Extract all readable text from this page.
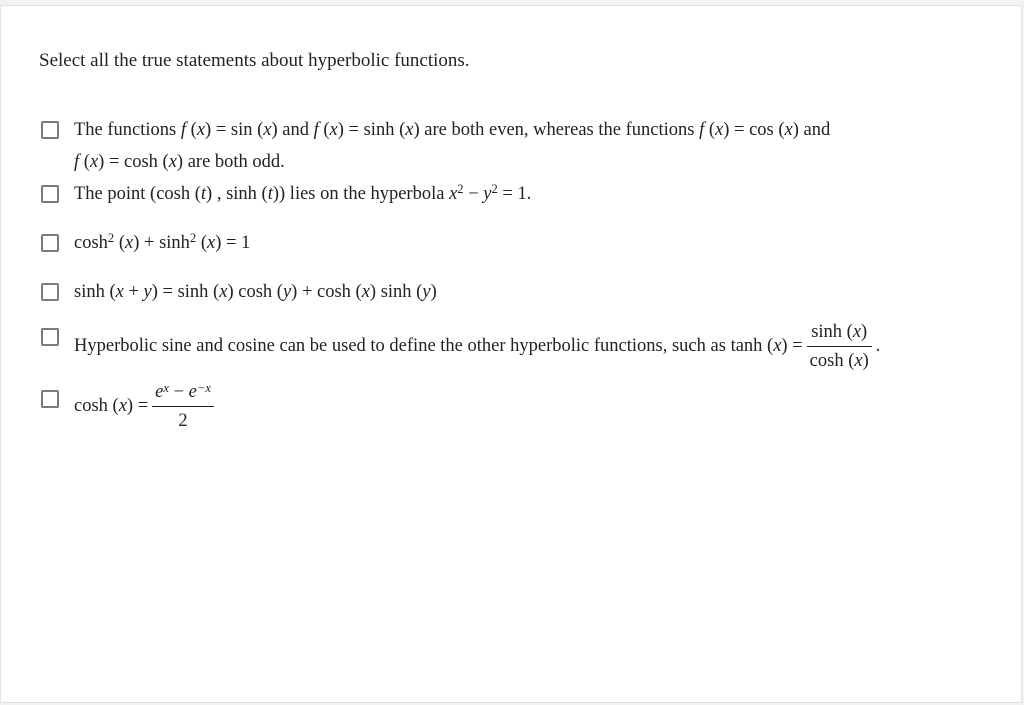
Select all the true statements about hyperbolic functions.
The functions f (x) = sin (x) and f (x) = sinh (x) are both even, whereas the functions f (x) = cos (x) and
f (x) = cosh (x) are both odd.
The point (cosh (t) , sinh (t)) lies on the hyperbola $x^2 - y^2 = 1$.
$\cosh^2 (x) + \sinh^2 (x) = 1$
sinh (x + y) = sinh (x) cosh (y) + cosh (x) sinh (y)
Hyperbolic sine and cosine can be used to define the other hyperbolic functions, such as $\tanh (x) = \frac{\sinh (x)}{\cosh (x)}$ .
$\cosh (x) = \frac{e^x - e^{-x}}{2}$
